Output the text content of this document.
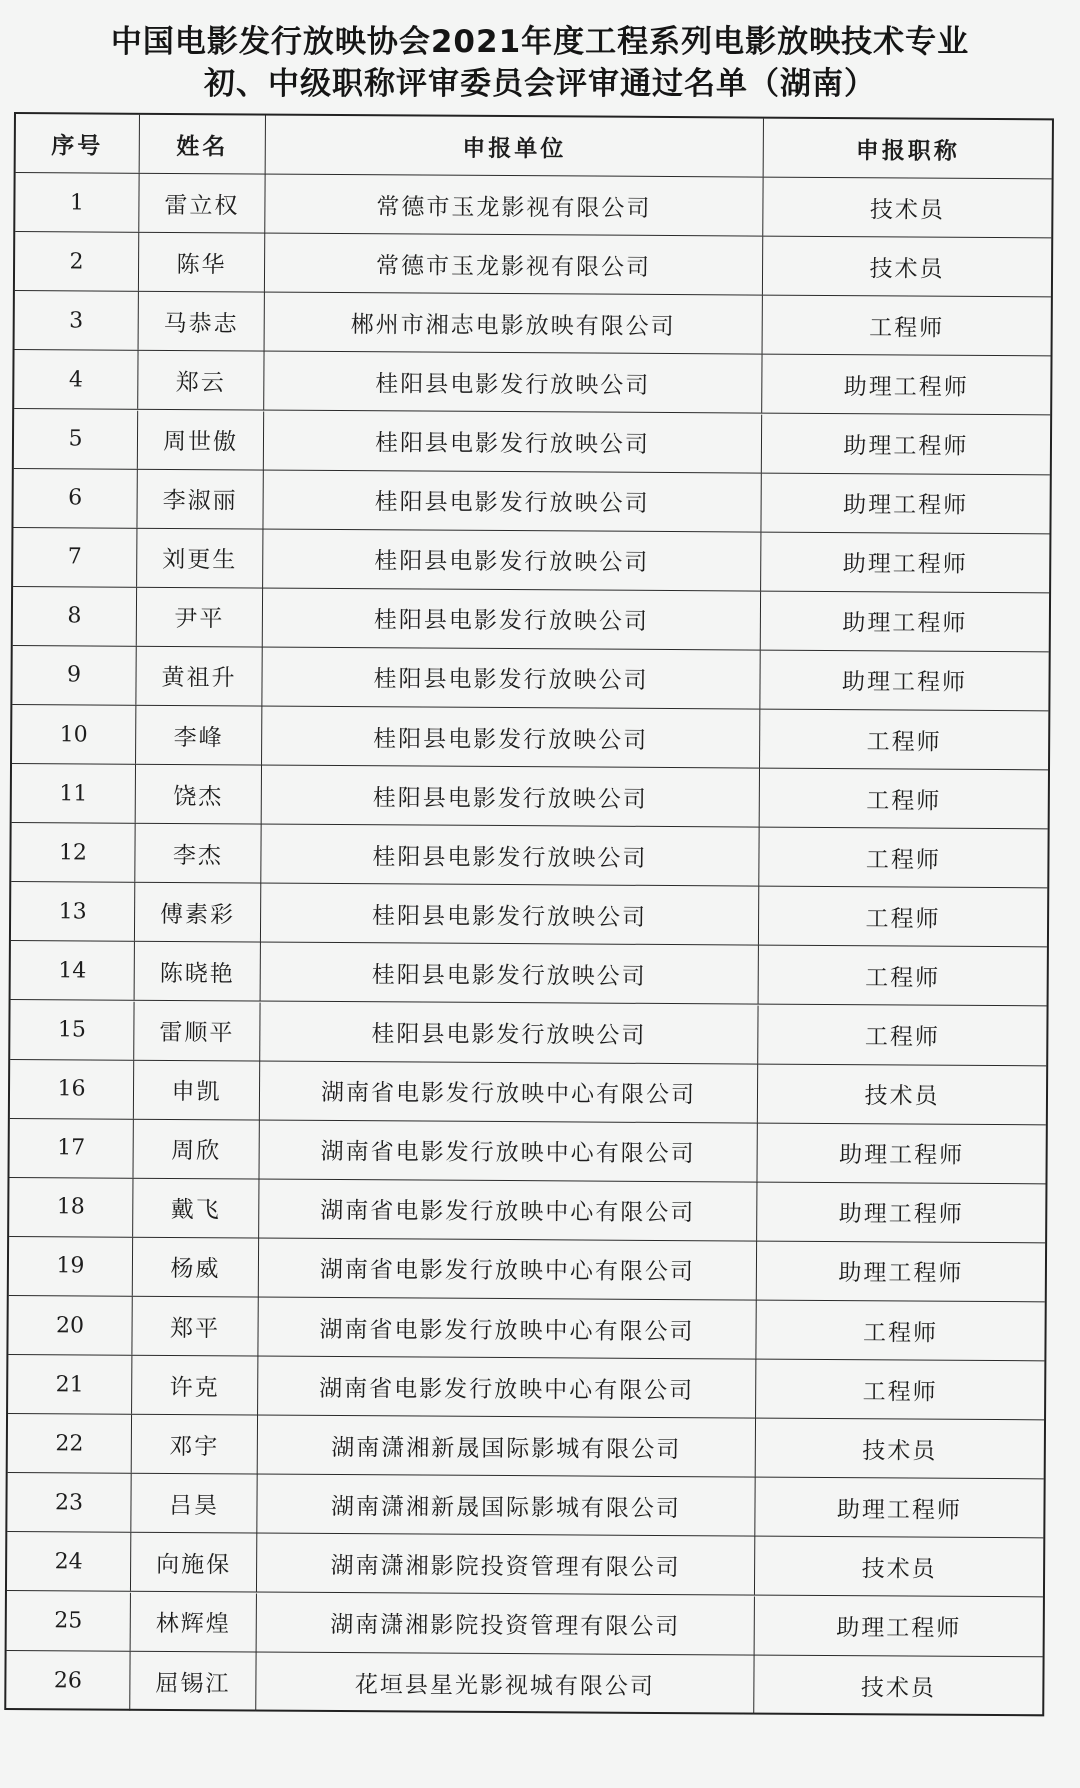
中国电影发行放映协会2021年度工程系列电影放映技术专业
初、中级职称评审委员会评审通过名单（湖南）
序号	姓名	申报单位	申报职称
1	雷立权	常德市玉龙影视有限公司	技术员
2	陈华	常德市玉龙影视有限公司	技术员
3	马恭志	郴州市湘志电影放映有限公司	工程师
4	郑云	桂阳县电影发行放映公司	助理工程师
5	周世傲	桂阳县电影发行放映公司	助理工程师
6	李淑丽	桂阳县电影发行放映公司	助理工程师
7	刘更生	桂阳县电影发行放映公司	助理工程师
8	尹平	桂阳县电影发行放映公司	助理工程师
9	黄祖升	桂阳县电影发行放映公司	助理工程师
10	李峰	桂阳县电影发行放映公司	工程师
11	饶杰	桂阳县电影发行放映公司	工程师
12	李杰	桂阳县电影发行放映公司	工程师
13	傅素彩	桂阳县电影发行放映公司	工程师
14	陈晓艳	桂阳县电影发行放映公司	工程师
15	雷顺平	桂阳县电影发行放映公司	工程师
16	申凯	湖南省电影发行放映中心有限公司	技术员
17	周欣	湖南省电影发行放映中心有限公司	助理工程师
18	戴飞	湖南省电影发行放映中心有限公司	助理工程师
19	杨威	湖南省电影发行放映中心有限公司	助理工程师
20	郑平	湖南省电影发行放映中心有限公司	工程师
21	许克	湖南省电影发行放映中心有限公司	工程师
22	邓宇	湖南潇湘新晟国际影城有限公司	技术员
23	吕昊	湖南潇湘新晟国际影城有限公司	助理工程师
24	向施保	湖南潇湘影院投资管理有限公司	技术员
25	林辉煌	湖南潇湘影院投资管理有限公司	助理工程师
26	屈锡江	花垣县星光影视城有限公司	技术员
